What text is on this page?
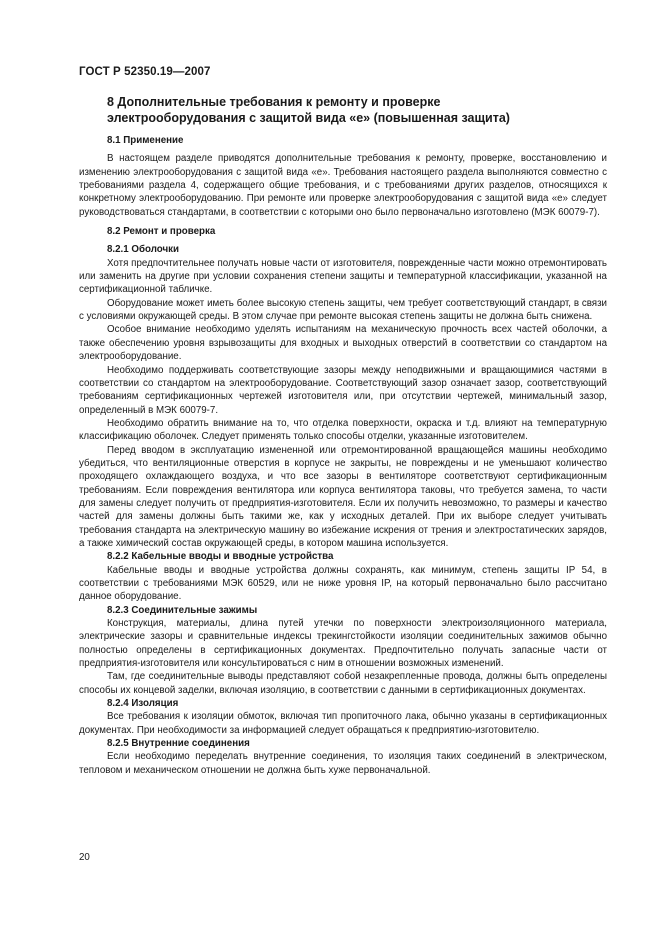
ГОСТ Р 52350.19—2007
8 Дополнительные требования к ремонту и проверке
электрооборудования с защитой вида «е» (повышенная защита)
8.1 Применение

В настоящем разделе приводятся дополнительные требования к ремонту, проверке, восстановлению и изменению электрооборудования с защитой вида «е». Требования настоящего раздела выполняются совместно с требованиями раздела 4, содержащего общие требования, и с требованиями других разделов, относящихся к конкретному электрооборудованию. При ремонте или проверке электрооборудования с защитой вида «е» следует руководствоваться стандартами, в соответствии с которыми оно было первоначально изготовлено (МЭК 60079-7).

8.2 Ремонт и проверка
8.2.1 Оболочки

Хотя предпочтительнее получать новые части от изготовителя, поврежденные части можно отремонтировать или заменить на другие при условии сохранения степени защиты и температурной классификации, указанной на сертификационной табличке.

Оборудование может иметь более высокую степень защиты, чем требует соответствующий стандарт, в связи с условиями окружающей среды. В этом случае при ремонте высокая степень защиты не должна быть снижена.

Особое внимание необходимо уделять испытаниям на механическую прочность всех частей оболочки, а также обеспечению уровня взрывозащиты для входных и выходных отверстий в соответствии со стандартом на электрооборудование.

Необходимо поддерживать соответствующие зазоры между неподвижными и вращающимися частями в соответствии со стандартом на электрооборудование. Соответствующий зазор означает зазор, соответствующий требованиям сертификационных чертежей изготовителя или, при отсутствии чертежей, минимальный зазор, определенный в МЭК 60079-7.

Необходимо обратить внимание на то, что отделка поверхности, окраска и т.д. влияют на температурную классификацию оболочек. Следует применять только способы отделки, указанные изготовителем.

Перед вводом в эксплуатацию измененной или отремонтированной вращающейся машины необходимо убедиться, что вентиляционные отверстия в корпусе не закрыты, не повреждены и не уменьшают количество проходящего охлаждающего воздуха, и что все зазоры в вентиляторе соответствуют сертификационным требованиям. Если повреждения вентилятора или корпуса вентилятора таковы, что требуется замена, то части для замены следует получить от предприятия-изготовителя. Если их получить невозможно, то размеры и качество частей для замены должны быть такими же, как у исходных деталей. При их выборе следует учитывать требования стандарта на электрическую машину во избежание искрения от трения и электростатических зарядов, а также химический состав окружающей среды, в котором машина используется.

8.2.2 Кабельные вводы и вводные устройства

Кабельные вводы и вводные устройства должны сохранять, как минимум, степень защиты IP 54, в соответствии с требованиями МЭК 60529, или не ниже уровня IP, на который первоначально было рассчитано данное оборудование.

8.2.3 Соединительные зажимы

Конструкция, материалы, длина путей утечки по поверхности электроизоляционного материала, электрические зазоры и сравнительные индексы трекингстойкости изоляции соединительных зажимов обычно полностью определены в сертификационных документах. Предпочтительно получать запасные части от предприятия-изготовителя или консультироваться с ним в отношении возможных изменений.

Там, где соединительные выводы представляют собой незакрепленные провода, должны быть определены способы их концевой заделки, включая изоляцию, в соответствии с данными в сертификационных документах.

8.2.4 Изоляция

Все требования к изоляции обмоток, включая тип пропиточного лака, обычно указаны в сертификационных документах. При необходимости за информацией следует обращаться к предприятию-изготовителю.

8.2.5 Внутренние соединения

Если необходимо переделать внутренние соединения, то изоляция таких соединений в электрическом, тепловом и механическом отношении не должна быть хуже первоначальной.

20
